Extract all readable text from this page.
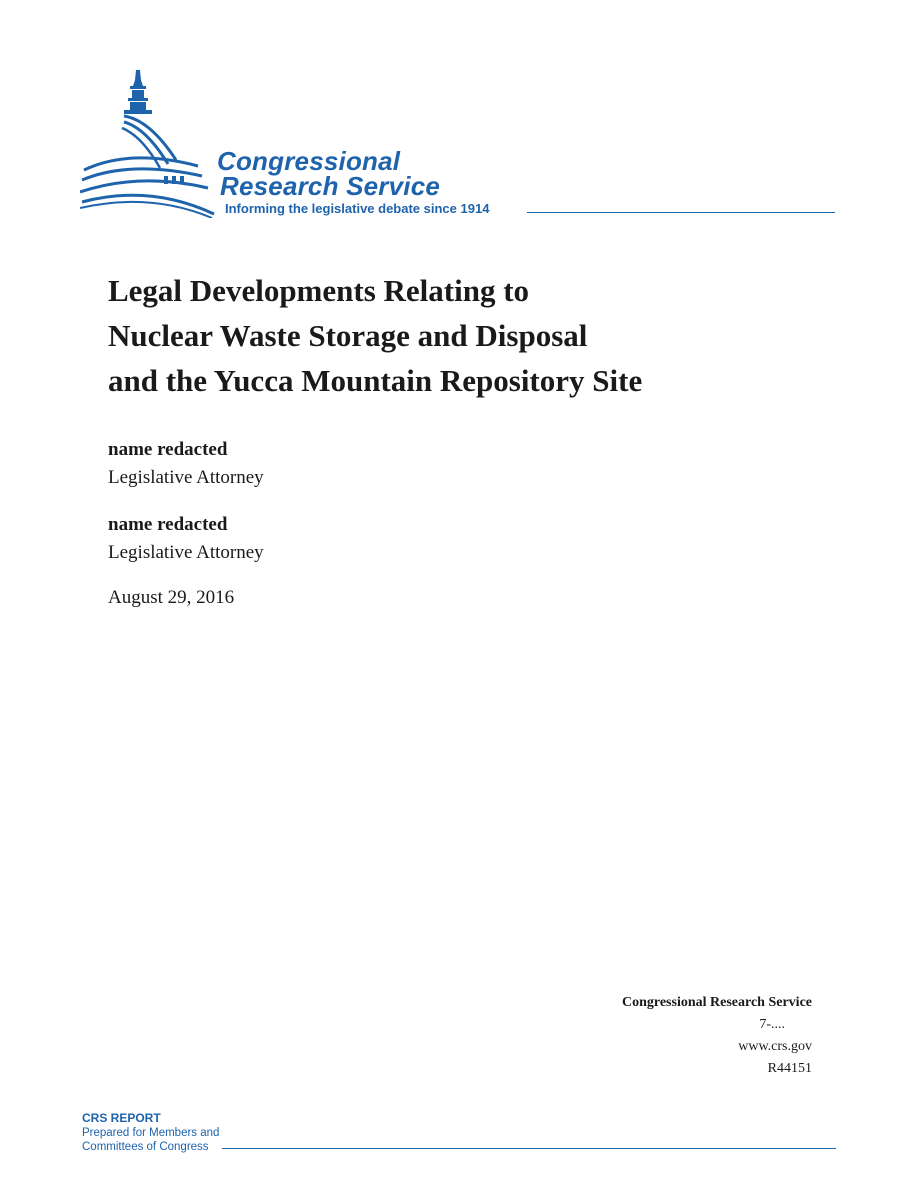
Congressional
Research Service
Informing the legislative debate since 1914
Legal Developments Relating to
Nuclear Waste Storage and Disposal
and the Yucca Mountain Repository Site
name redacted
Legislative Attorney
name redacted
Legislative Attorney
August 29, 2016
Congressional Research Service
7-....
www.crs.gov
R44151
CRS REPORT
Prepared for Members and
Committees of Congress
